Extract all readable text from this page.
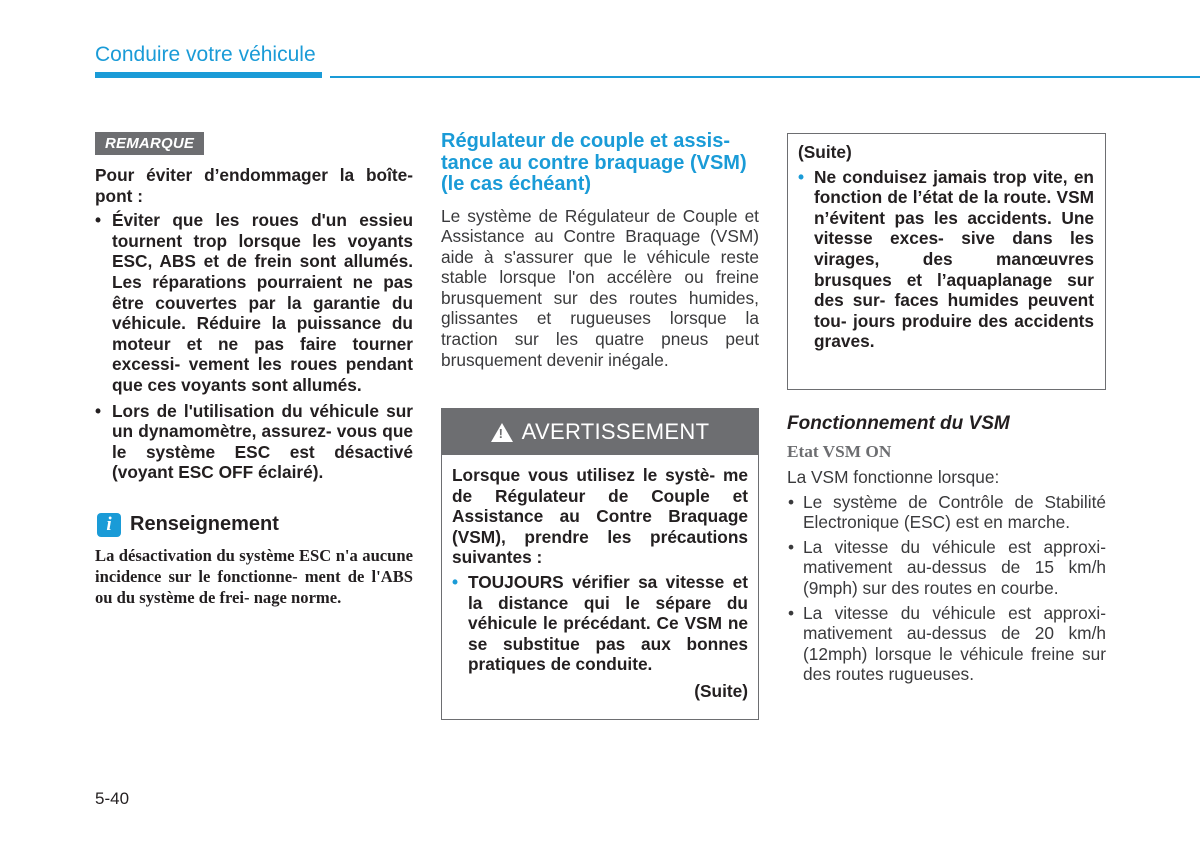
Conduire votre véhicule
REMARQUE

Pour éviter d’endommager la boîte-pont :

• Éviter que les roues d'un essieu tournent trop lorsque les voyants ESC, ABS et de frein sont allumés. Les réparations pourraient ne pas être couvertes par la garantie du véhicule. Réduire la puissance du moteur et ne pas faire tourner excessi- vement les roues pendant que ces voyants sont allumés.
• Lors de l'utilisation du véhicule sur un dynamomètre, assurez- vous que le système ESC est désactivé (voyant ESC OFF éclairé).
i Renseignement

La désactivation du système ESC n'a aucune incidence sur le fonctionne- ment de l'ABS ou du système de frei- nage norme.

Régulateur de couple et assis- tance au contre braquage (VSM) (le cas échéant)

Le système de Régulateur de Couple et Assistance au Contre Braquage (VSM) aide à s'assurer que le véhicule reste stable lorsque l'on accélère ou freine brusquement sur des routes humides, glissantes et rugueuses lorsque la traction sur les quatre pneus peut brusquement devenir inégale.

! AVERTISSEMENT

Lorsque vous utilisez le systè- me de Régulateur de Couple et Assistance au Contre Braquage (VSM), prendre les précautions suivantes :

• TOUJOURS vérifier sa vitesse et la distance qui le sépare du véhicule le précédant. Ce VSM ne se substitue pas aux bonnes pratiques de conduite.

(Suite)

(Suite)

• Ne conduisez jamais trop vite, en fonction de l’état de la route. VSM n’évitent pas les accidents. Une vitesse exces- sive dans les virages, des manœuvres brusques et l’aquaplanage sur des sur- faces humides peuvent tou- jours produire des accidents graves.
Fonctionnement du VSM
Etat VSM ON

La VSM fonctionne lorsque:

• Le système de Contrôle de Stabilité Electronique (ESC) est en marche.
• La vitesse du véhicule est approxi- mativement au-dessus de 15 km/h (9mph) sur des routes en courbe.
• La vitesse du véhicule est approxi- mativement au-dessus de 20 km/h (12mph) lorsque le véhicule freine sur des routes rugueuses.
5-40
